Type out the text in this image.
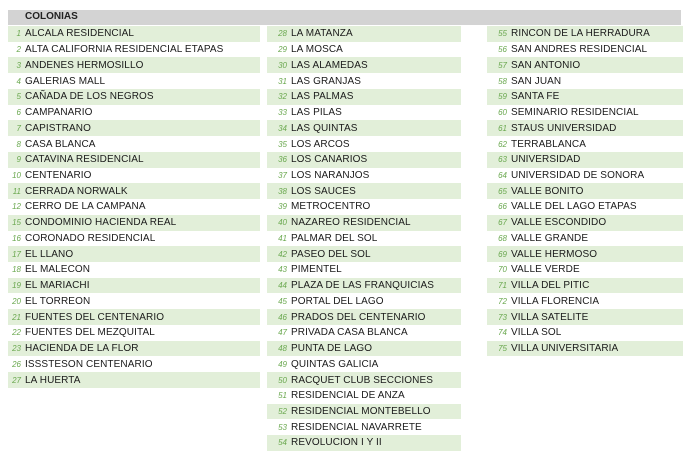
COLONIAS
1 ALCALA RESIDENCIAL
2 ALTA CALIFORNIA RESIDENCIAL ETAPAS
3 ANDENES HERMOSILLO
4 GALERIAS MALL
5 CAÑADA DE LOS NEGROS
6 CAMPANARIO
7 CAPISTRANO
8 CASA BLANCA
9 CATAVINA RESIDENCIAL
10 CENTENARIO
11 CERRADA NORWALK
12 CERRO DE LA CAMPANA
15 CONDOMINIO HACIENDA REAL
16 CORONADO RESIDENCIAL
17 EL LLANO
18 EL MALECON
19 EL MARIACHI
20 EL TORREON
21 FUENTES DEL CENTENARIO
22 FUENTES DEL MEZQUITAL
23 HACIENDA DE LA FLOR
26 ISSSTESON CENTENARIO
27 LA HUERTA
28 LA MATANZA
29 LA MOSCA
30 LAS ALAMEDAS
31 LAS GRANJAS
32 LAS PALMAS
33 LAS PILAS
34 LAS QUINTAS
35 LOS ARCOS
36 LOS CANARIOS
37 LOS NARANJOS
38 LOS SAUCES
39 METROCENTRO
40 NAZAREO RESIDENCIAL
41 PALMAR DEL SOL
42 PASEO DEL SOL
43 PIMENTEL
44 PLAZA DE LAS FRANQUICIAS
45 PORTAL DEL LAGO
46 PRADOS DEL CENTENARIO
47 PRIVADA CASA BLANCA
48 PUNTA DE LAGO
49 QUINTAS GALICIA
50 RACQUET CLUB SECCIONES
51 RESIDENCIAL DE ANZA
52 RESIDENCIAL MONTEBELLO
53 RESIDENCIAL NAVARRETE
54 REVOLUCION I Y II
55 RINCON DE LA HERRADURA
56 SAN ANDRES RESIDENCIAL
57 SAN ANTONIO
58 SAN JUAN
59 SANTA FE
60 SEMINARIO RESIDENCIAL
61 STAUS UNIVERSIDAD
62 TERRABLANCA
63 UNIVERSIDAD
64 UNIVERSIDAD DE SONORA
65 VALLE BONITO
66 VALLE DEL LAGO ETAPAS
67 VALLE ESCONDIDO
68 VALLE GRANDE
69 VALLE HERMOSO
70 VALLE VERDE
71 VILLA DEL PITIC
72 VILLA FLORENCIA
73 VILLA SATELITE
74 VILLA SOL
75 VILLA UNIVERSITARIA
